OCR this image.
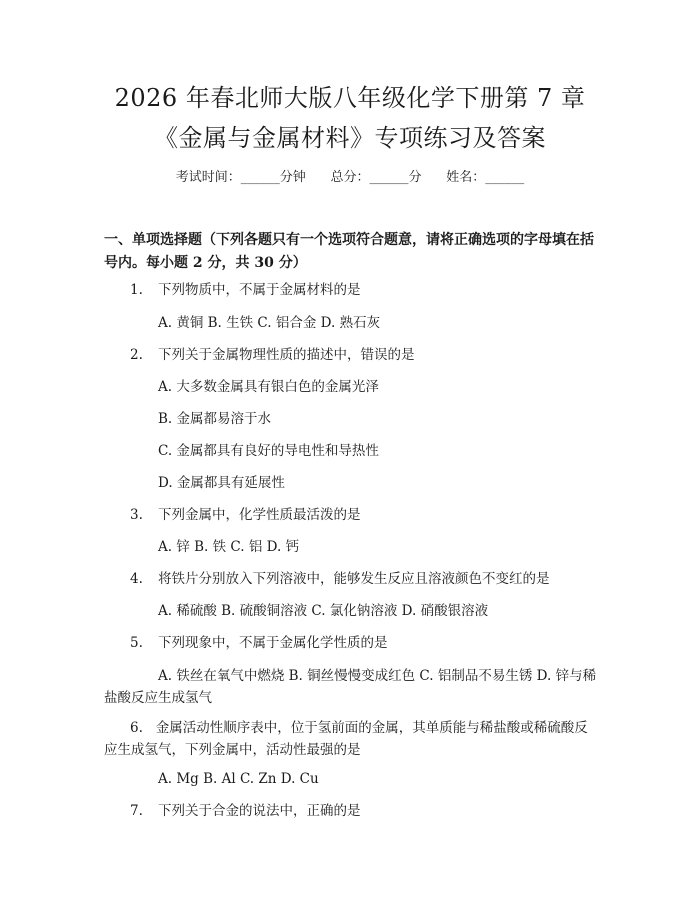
2026 年春北师大版八年级化学下册第 7 章
《金属与金属材料》专项练习及答案
考试时间：______分钟      总分：______分      姓名：______
一、单项选择题（下列各题只有一个选项符合题意，请将正确选项的字母填在括号内。每小题 2 分，共 30 分）
1. 下列物质中，不属于金属材料的是
A. 黄铜 B. 生铁 C. 铝合金 D. 熟石灰
2. 下列关于金属物理性质的描述中，错误的是
A. 大多数金属具有银白色的金属光泽
B. 金属都易溶于水
C. 金属都具有良好的导电性和导热性
D. 金属都具有延展性
3. 下列金属中，化学性质最活泼的是
A. 锌 B. 铁 C. 铝 D. 钙
4. 将铁片分别放入下列溶液中，能够发生反应且溶液颜色不变红的是
A. 稀硫酸 B. 硫酸铜溶液 C. 氯化钠溶液 D. 硝酸银溶液
5. 下列现象中，不属于金属化学性质的是
A. 铁丝在氧气中燃烧 B. 铜丝慢慢变成红色 C. 铝制品不易生锈 D. 锌与稀盐酸反应生成氢气
6. 金属活动性顺序表中，位于氢前面的金属，其单质能与稀盐酸或稀硫酸反应生成氢气，下列金属中，活动性最强的是
A. Mg B. Al C. Zn D. Cu
7. 下列关于合金的说法中，正确的是
